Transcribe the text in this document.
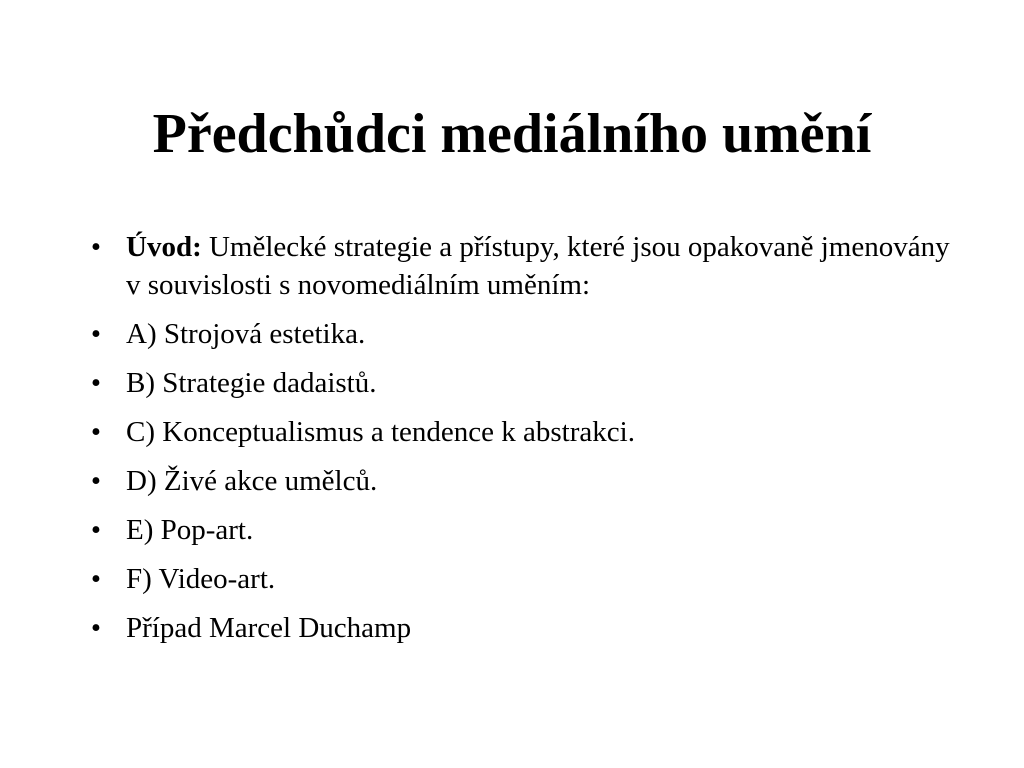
Předchůdci mediálního umění
• Úvod: Umělecké strategie a přístupy, které jsou opakovaně jmenovány v souvislosti s novomediálním uměním:
• A) Strojová estetika.
• B) Strategie dadaistů.
• C) Konceptualismus a tendence k abstrakci.
• D) Živé akce umělců.
• E) Pop-art.
• F) Video-art.
• Případ Marcel Duchamp
